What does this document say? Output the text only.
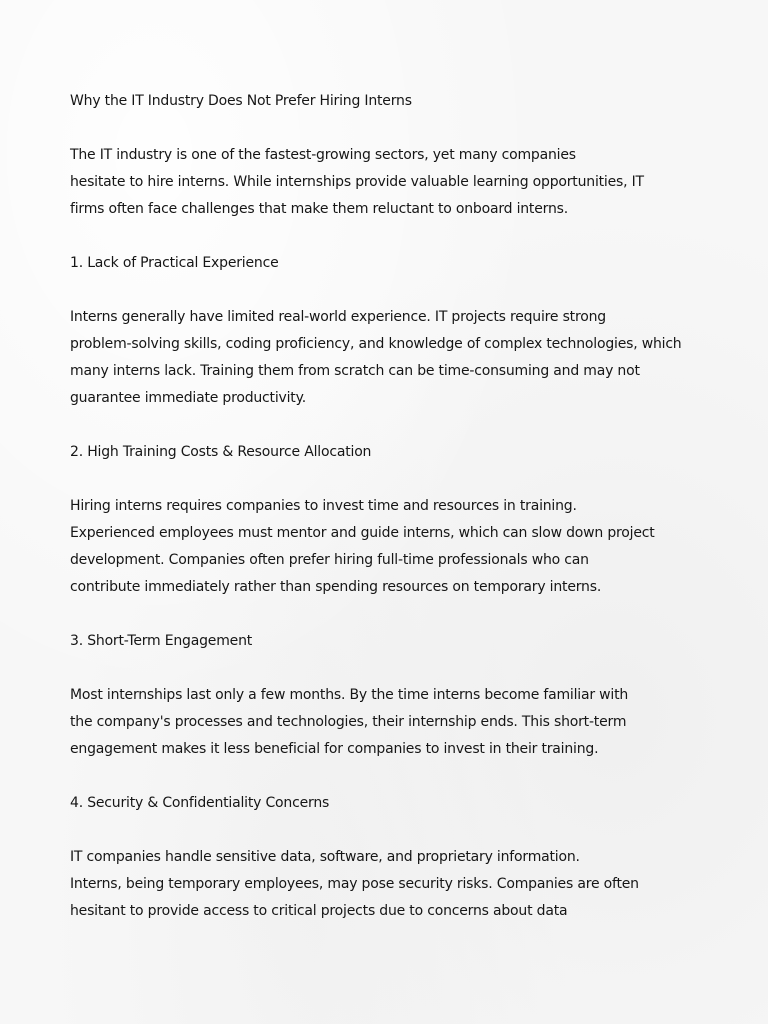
Why the IT Industry Does Not Prefer Hiring Interns

The IT industry is one of the fastest-growing sectors, yet many companies
hesitate to hire interns. While internships provide valuable learning opportunities, IT
firms often face challenges that make them reluctant to onboard interns.

1. Lack of Practical Experience

Interns generally have limited real-world experience. IT projects require strong
problem-solving skills, coding proficiency, and knowledge of complex technologies, which
many interns lack. Training them from scratch can be time-consuming and may not
guarantee immediate productivity.

2. High Training Costs & Resource Allocation

Hiring interns requires companies to invest time and resources in training.
Experienced employees must mentor and guide interns, which can slow down project
development. Companies often prefer hiring full-time professionals who can
contribute immediately rather than spending resources on temporary interns.

3. Short-Term Engagement

Most internships last only a few months. By the time interns become familiar with
the company's processes and technologies, their internship ends. This short-term
engagement makes it less beneficial for companies to invest in their training.

4. Security & Confidentiality Concerns

IT companies handle sensitive data, software, and proprietary information.
Interns, being temporary employees, may pose security risks. Companies are often
hesitant to provide access to critical projects due to concerns about data
